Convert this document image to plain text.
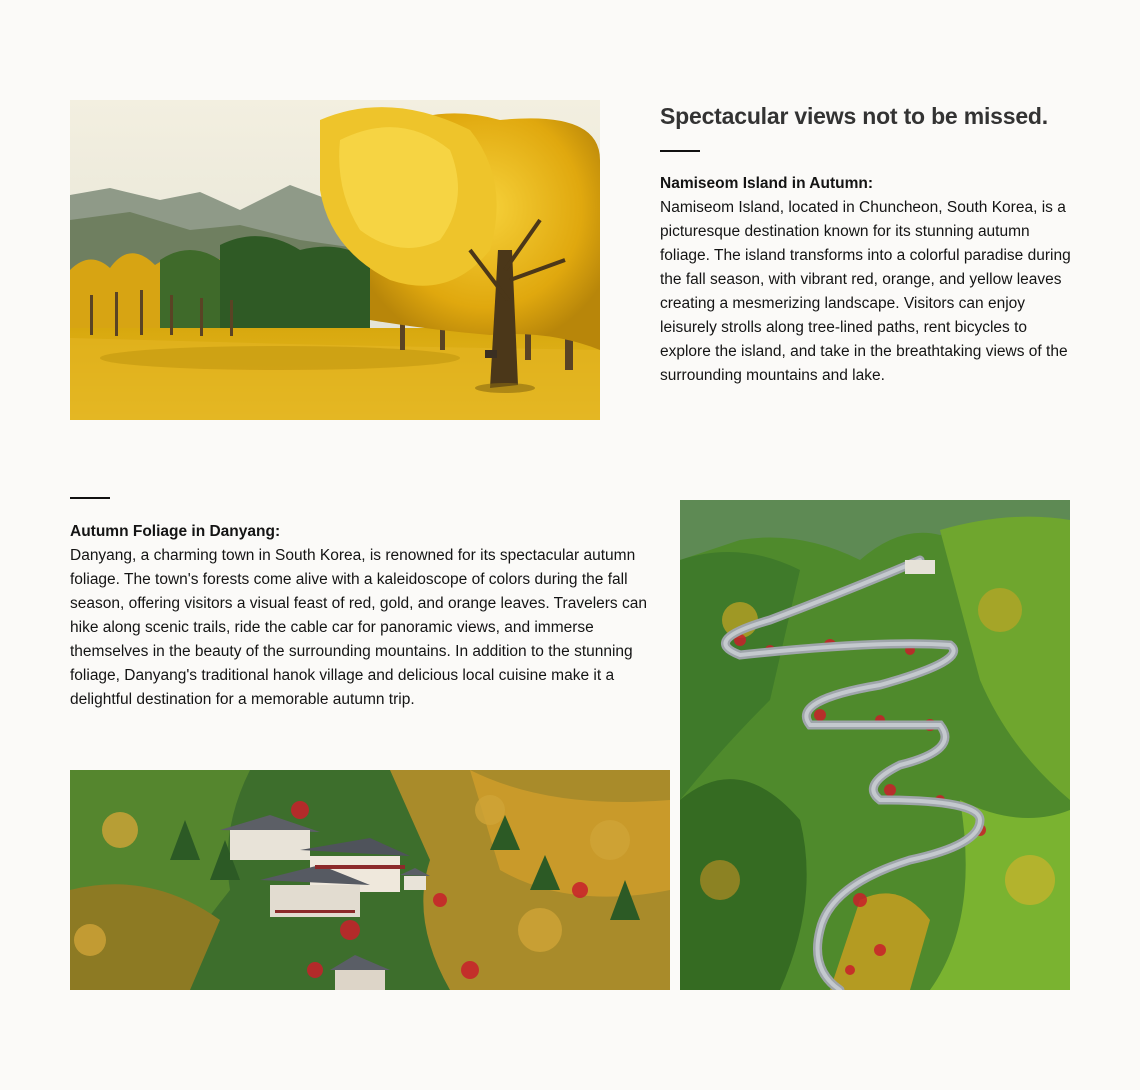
Spectacular views not to be missed.
Namiseom Island in Autumn:
Namiseom Island, located in Chuncheon, South Korea, is a picturesque destination known for its stunning autumn foliage. The island transforms into a colorful paradise during the fall season, with vibrant red, orange, and yellow leaves creating a mesmerizing landscape. Visitors can enjoy leisurely strolls along tree-lined paths, rent bicycles to explore the island, and take in the breathtaking views of the surrounding mountains and lake.
Autumn Foliage in Danyang:
Danyang, a charming town in South Korea, is renowned for its spectacular autumn foliage. The town's forests come alive with a kaleidoscope of colors during the fall season, offering visitors a visual feast of red, gold, and orange leaves. Travelers can hike along scenic trails, ride the cable car for panoramic views, and immerse themselves in the beauty of the surrounding mountains. In addition to the stunning foliage, Danyang's traditional hanok village and delicious local cuisine make it a delightful destination for a memorable autumn trip.
